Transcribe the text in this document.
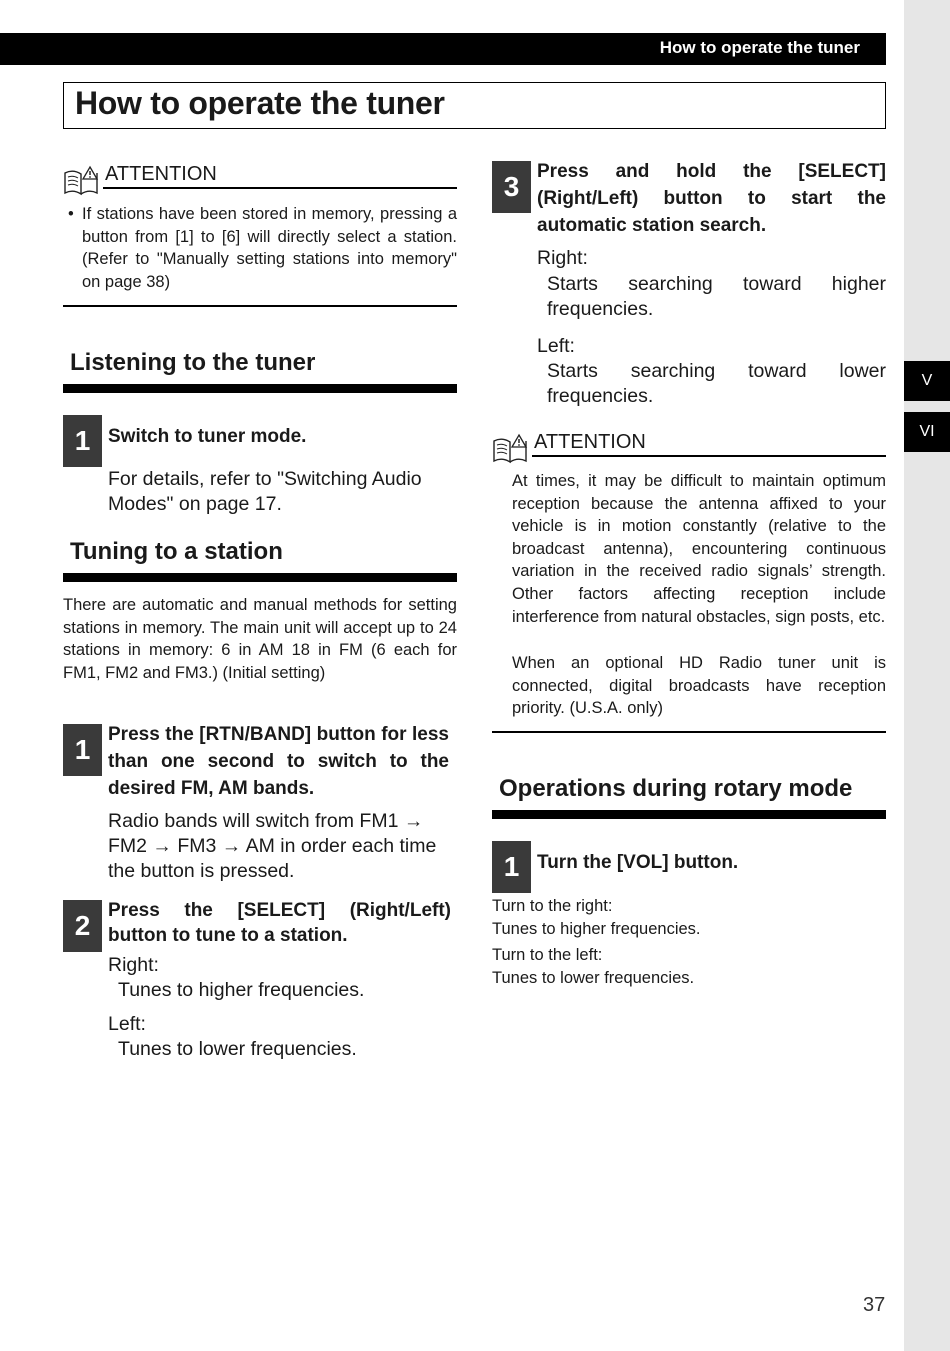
V
VI
How to operate the tuner
How to operate the tuner
ATTENTION
• If stations have been stored in memory, pressing a button from [1] to [6] will directly select a station. (Refer to "Manually setting stations into memory" on page 38)
Listening to the tuner
1 Switch to tuner mode.
For details, refer to "Switching Audio Modes" on page 17.
Tuning to a station
There are automatic and manual methods for setting stations in memory. The main unit will accept up to 24 stations in memory: 6 in AM 18 in FM (6 each for FM1, FM2 and FM3.) (Initial setting)
1 Press the [RTN/BAND] button for less than one second to switch to the desired FM, AM bands.
Radio bands will switch from FM1 → FM2 → FM3 → AM in order each time the button is pressed.
2 Press the [SELECT] (Right/Left) button to tune to a station.
Right:
Tunes to higher frequencies.
Left:
Tunes to lower frequencies.
3 Press and hold the [SELECT] (Right/Left) button to start the automatic station search.
Right:
Starts searching toward higher frequencies.
Left:
Starts searching toward lower frequencies.
ATTENTION
At times, it may be difficult to maintain optimum reception because the antenna affixed to your vehicle is in motion constantly (relative to the broadcast antenna), encountering continuous variation in the received radio signals’ strength. Other factors affecting reception include interference from natural obstacles, sign posts, etc.
When an optional HD Radio tuner unit is connected, digital broadcasts have reception priority. (U.S.A. only)
Operations during rotary mode
1 Turn the [VOL] button.
Turn to the right:
Tunes to higher frequencies.
Turn to the left:
Tunes to lower frequencies.
37
